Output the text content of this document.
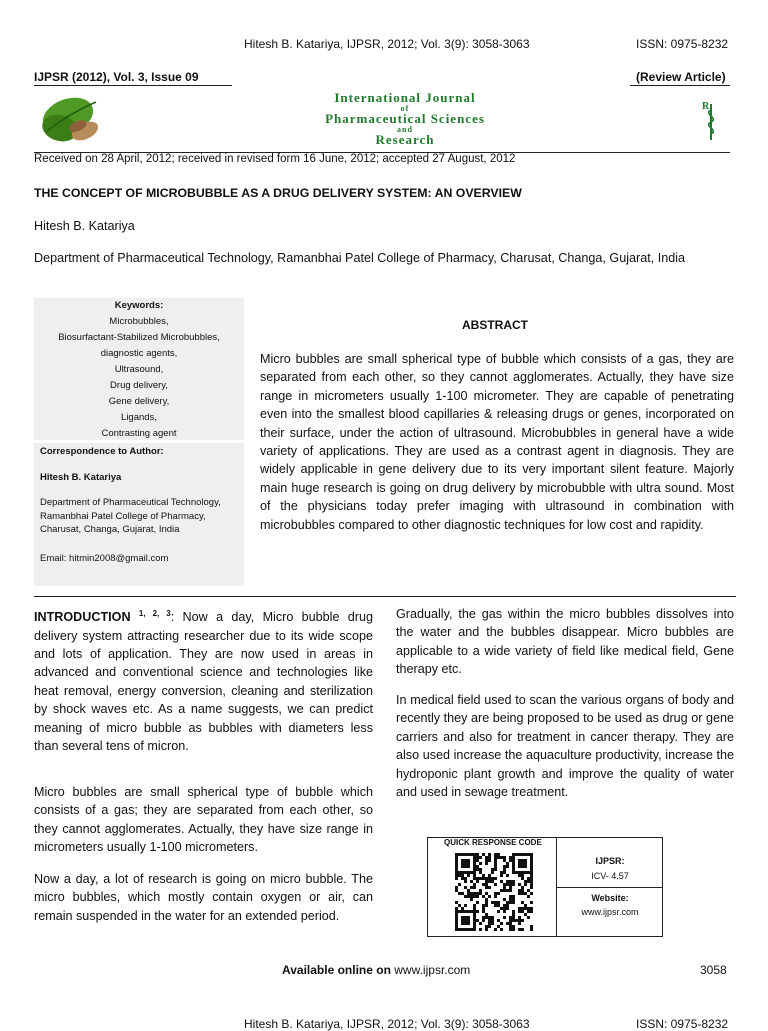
Hitesh B. Katariya, IJPSR, 2012; Vol. 3(9): 3058-3063	ISSN: 0975-8232
IJPSR (2012), Vol. 3, Issue 09	(Review Article)
International Journal
of
Pharmaceutical Sciences
and
Research
R
Received on 28 April, 2012; received in revised form 16 June, 2012; accepted 27 August, 2012
THE CONCEPT OF MICROBUBBLE AS A DRUG DELIVERY SYSTEM: AN OVERVIEW
Hitesh B. Katariya
Department of Pharmaceutical Technology, Ramanbhai Patel College of Pharmacy, Charusat, Changa, Gujarat, India
Keywords:
Microbubbles,
Biosurfactant-Stabilized Microbubbles,
diagnostic agents,
Ultrasound,
Drug delivery,
Gene delivery,
Ligands,
Contrasting agent
Correspondence to Author:
Hitesh B. Katariya
Department of Pharmaceutical Technology, Ramanbhai Patel College of Pharmacy, Charusat, Changa, Gujarat, India
Email: hitmin2008@gmail.com
ABSTRACT
Micro bubbles are small spherical type of bubble which consists of a gas, they are separated from each other, so they cannot agglomerates. Actually, they have size range in micrometers usually 1-100 micrometer. They are capable of penetrating even into the smallest blood capillaries & releasing drugs or genes, incorporated on their surface, under the action of ultrasound. Microbubbles in general have a wide variety of applications. They are used as a contrast agent in diagnosis. They are widely applicable in gene delivery due to its very important silent feature. Majorly main huge research is going on drug delivery by microbubble with ultra sound. Most of the physicians today prefer imaging with ultrasound in combination with microbubbles compared to other diagnostic techniques for low cost and rapidity.
INTRODUCTION $^{1, 2, 3}$: Now a day, Micro bubble drug delivery system attracting researcher due to its wide scope and lots of application. They are now used in areas in advanced and conventional science and technologies like heat removal, energy conversion, cleaning and sterilization by shock waves etc. As a name suggests, we can predict meaning of micro bubble as bubbles with diameters less than several tens of micron.
Micro bubbles are small spherical type of bubble which consists of a gas; they are separated from each other, so they cannot agglomerates. Actually, they have size range in micrometers usually 1-100 micrometers.
Now a day, a lot of research is going on micro bubble. The micro bubbles, which mostly contain oxygen or air, can remain suspended in the water for an extended period.
Gradually, the gas within the micro bubbles dissolves into the water and the bubbles disappear. Micro bubbles are applicable to a wide variety of field like medical field, Gene therapy etc.
In medical field used to scan the various organs of body and recently they are being proposed to be used as drug or gene carriers and also for treatment in cancer therapy. They are also used increase the aquaculture productivity, increase the hydroponic plant growth and improve the quality of water and used in sewage treatment.
QUICK RESPONSE CODE
IJPSR:
ICV- 4.57
Website:
www.ijpsr.com
Available online on www.ijpsr.com	3058
Hitesh B. Katariya, IJPSR, 2012; Vol. 3(9): 3058-3063	ISSN: 0975-8232
